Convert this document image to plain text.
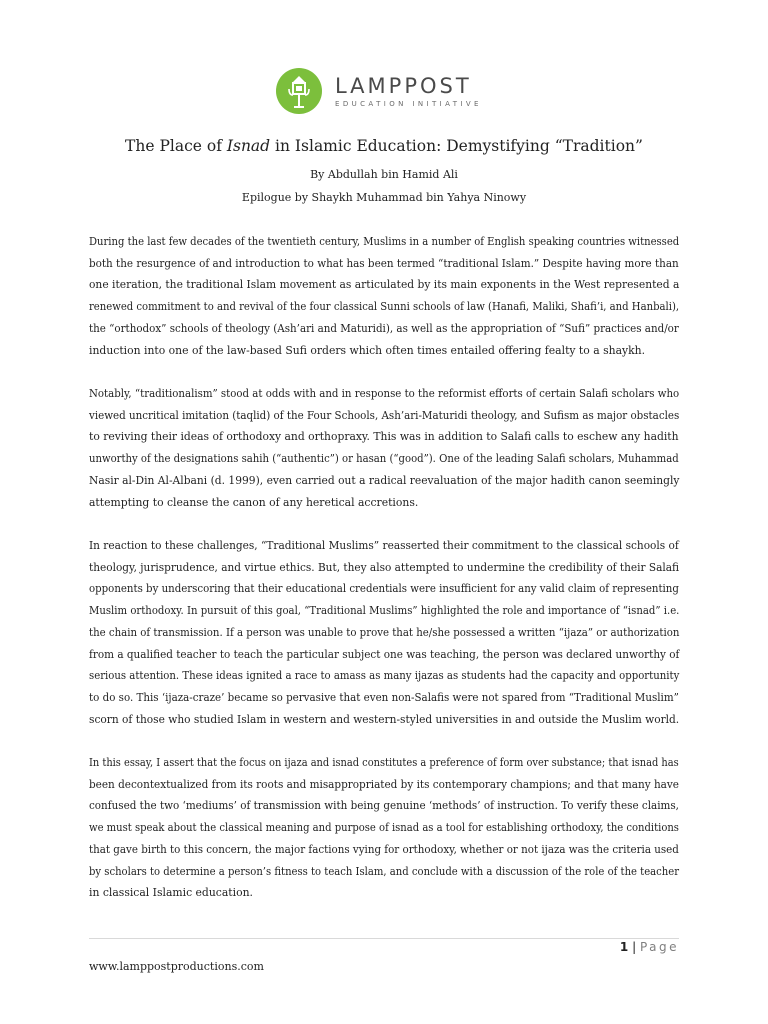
LAMPPOST
EDUCATION INITIATIVE
The Place of Isnad in Islamic Education: Demystifying “Tradition”
By Abdullah bin Hamid Ali
Epilogue by Shaykh Muhammad bin Yahya Ninowy
During the last few decades of the twentieth century, Muslims in a number of English speaking countries witnessed
both the resurgence of and introduction to what has been termed “traditional Islam.” Despite having more than
one iteration, the traditional Islam movement as articulated by its main exponents in the West represented a
renewed commitment to and revival of the four classical Sunni schools of law (Hanafi, Maliki, Shafi’i, and Hanbali),
the “orthodox” schools of theology (Ash’ari and Maturidi), as well as the appropriation of “Sufi” practices and/or
induction into one of the law-based Sufi orders which often times entailed offering fealty to a shaykh.
Notably, “traditionalism” stood at odds with and in response to the reformist efforts of certain Salafi scholars who
viewed uncritical imitation (taqlid) of the Four Schools, Ash’ari-Maturidi theology, and Sufism as major obstacles
to reviving their ideas of orthodoxy and orthopraxy. This was in addition to Salafi calls to eschew any hadith
unworthy of the designations sahih (“authentic”) or hasan (“good”). One of the leading Salafi scholars, Muhammad
Nasir al-Din Al-Albani (d. 1999), even carried out a radical reevaluation of the major hadith canon seemingly
attempting to cleanse the canon of any heretical accretions.
In reaction to these challenges, “Traditional Muslims” reasserted their commitment to the classical schools of
theology, jurisprudence, and virtue ethics. But, they also attempted to undermine the credibility of their Salafi
opponents by underscoring that their educational credentials were insufficient for any valid claim of representing
Muslim orthodoxy. In pursuit of this goal, “Traditional Muslims” highlighted the role and importance of “isnad” i.e.
the chain of transmission. If a person was unable to prove that he/she possessed a written “ijaza” or authorization
from a qualified teacher to teach the particular subject one was teaching, the person was declared unworthy of
serious attention. These ideas ignited a race to amass as many ijazas as students had the capacity and opportunity
to do so. This ‘ijaza-craze’ became so pervasive that even non-Salafis were not spared from “Traditional Muslim”
scorn of those who studied Islam in western and western-styled universities in and outside the Muslim world.
In this essay, I assert that the focus on ijaza and isnad constitutes a preference of form over substance; that isnad has
been decontextualized from its roots and misappropriated by its contemporary champions; and that many have
confused the two ‘mediums’ of transmission with being genuine ‘methods’ of instruction. To verify these claims,
we must speak about the classical meaning and purpose of isnad as a tool for establishing orthodoxy, the conditions
that gave birth to this concern, the major factions vying for orthodoxy, whether or not ijaza was the criteria used
by scholars to determine a person’s fitness to teach Islam, and conclude with a discussion of the role of the teacher
in classical Islamic education.
1 | Page
www.lamppostproductions.com
